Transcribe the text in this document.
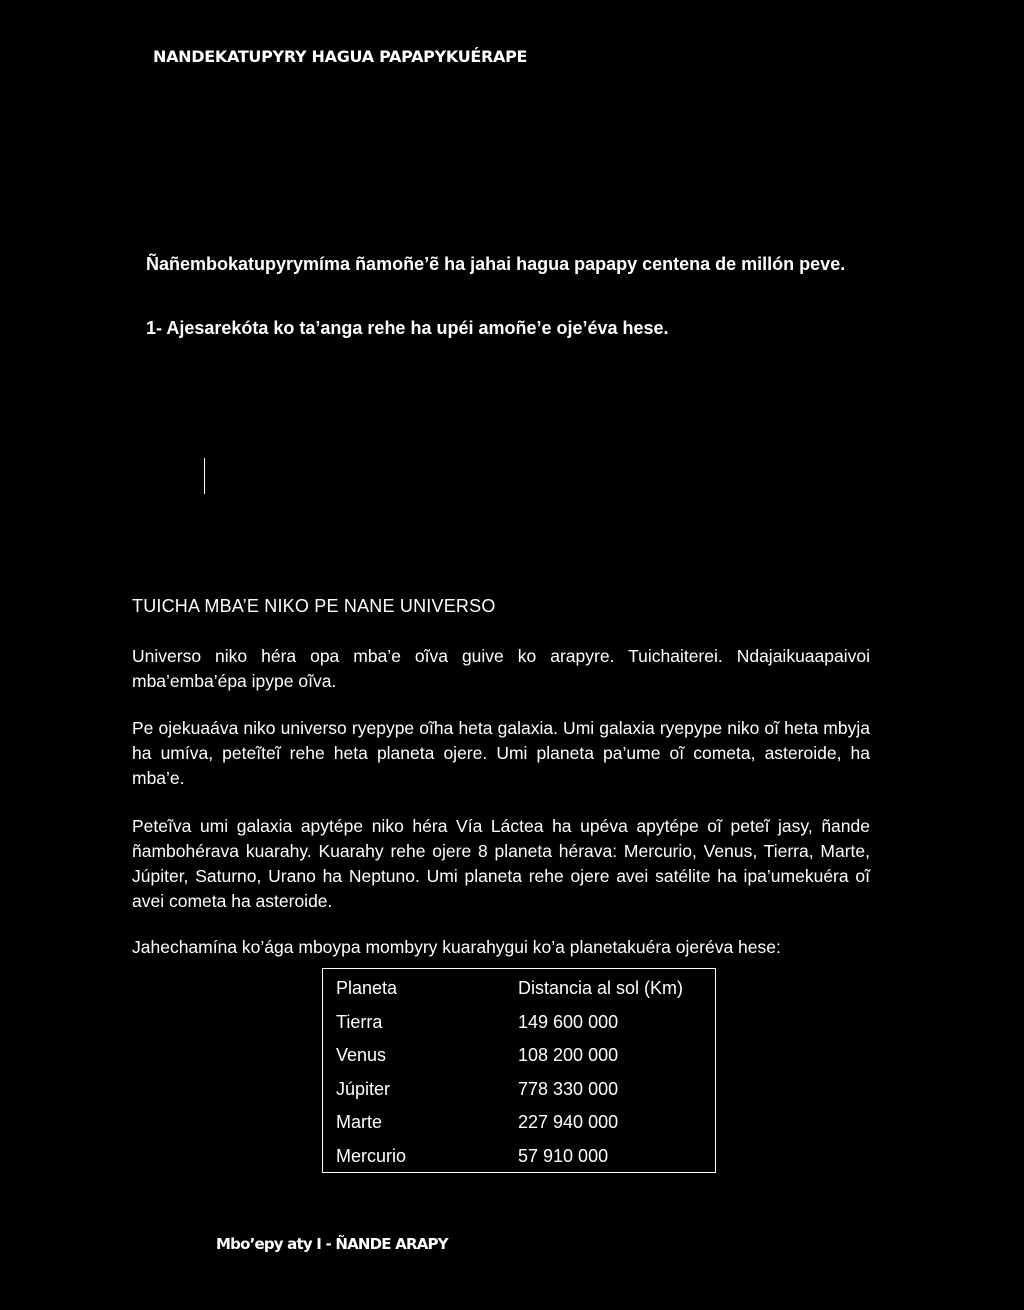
NANDEKATUPYRY HAGUA PAPAPYKUÉRAPE
Ñañembokatupyrymíma ñamoñe’ẽ ha jahai hagua papapy centena de millón peve.
1- Ajesarekóta ko ta’anga rehe ha upéi amoñe’e oje’éva hese.
TUICHA MBA’E NIKO PE NANE UNIVERSO
Universo niko héra opa mba’e oĩva guive ko arapyre. Tuichaiterei. Ndajaikuaapaivoi mba’emba’épa ipype oĩva.
Pe ojekuaáva niko universo ryepype oĩha heta galaxia. Umi galaxia ryepype niko oĩ heta mbyja ha umíva, peteĩteĩ rehe heta planeta ojere. Umi planeta pa’ume oĩ cometa, asteroide, ha mba’e.
Peteĩva umi galaxia apytépe niko héra Vía Láctea ha upéva apytépe oĩ peteĩ jasy, ñande ñambohérava kuarahy. Kuarahy rehe ojere 8 planeta hérava: Mercurio, Venus, Tierra, Marte, Júpiter, Saturno, Urano ha Neptuno. Umi planeta rehe ojere avei satélite ha ipa’umekuéra oĩ avei cometa ha asteroide.
Jahechamína ko’ága mboypa mombyry kuarahygui ko’a planetakuéra ojeréva hese:
Planeta	Distancia al sol (Km)
Tierra	149 600 000
Venus	108 200 000
Júpiter	778 330 000
Marte	227 940 000
Mercurio	57 910 000
Mbo’epy aty I - ÑANDE ARAPY
